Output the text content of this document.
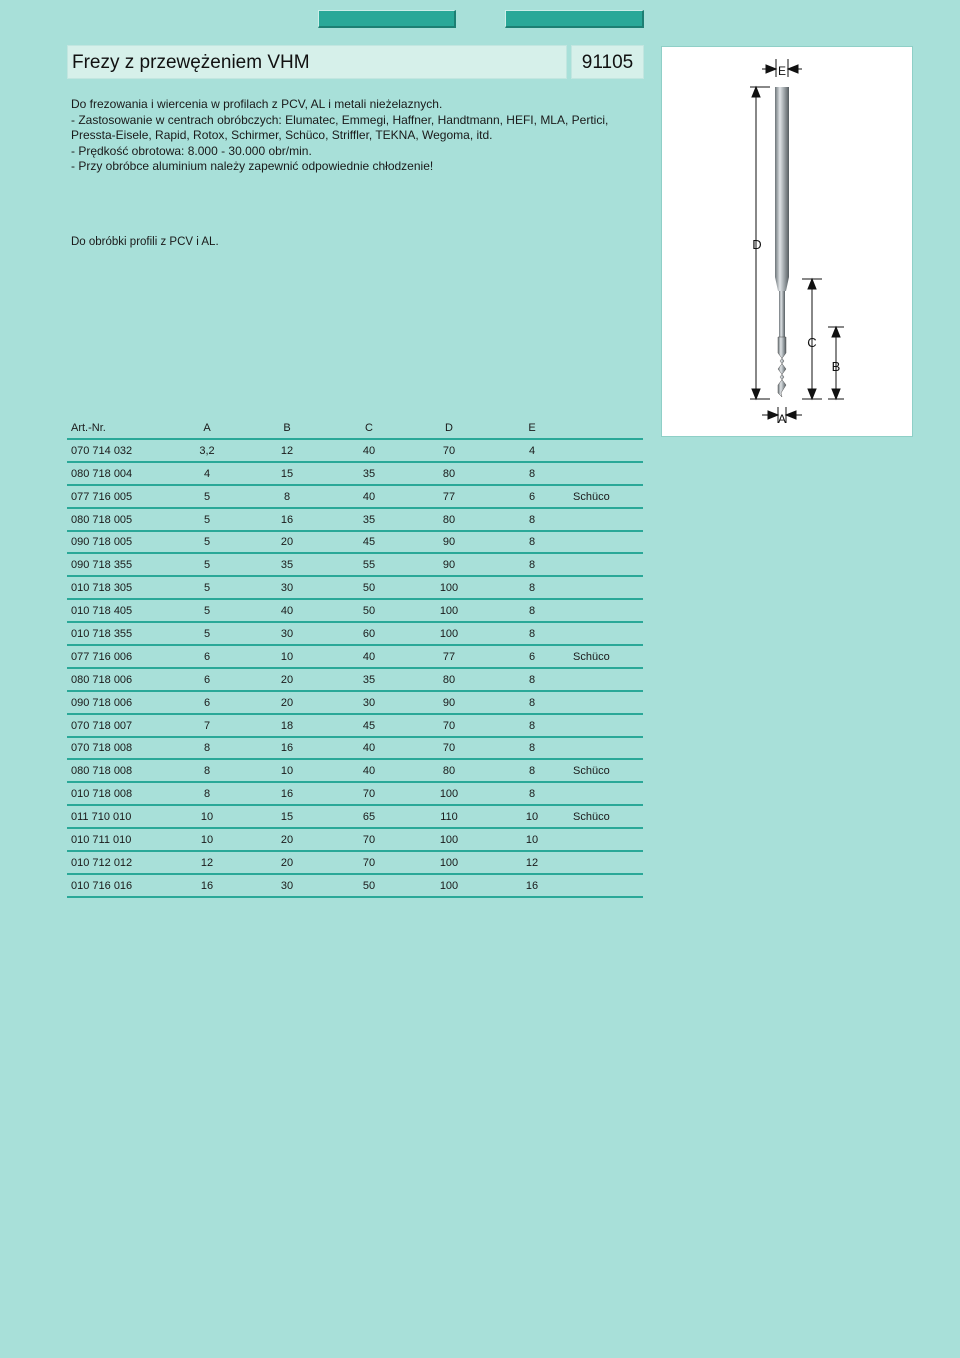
Frezy z przewężeniem VHM	91105
Do frezowania i wiercenia w profilach z PCV, AL i metali nieżelaznych.
- Zastosowanie w centrach obróbczych: Elumatec, Emmegi, Haffner, Handtmann, HEFI, MLA, Pertici,
Pressta-Eisele, Rapid, Rotox, Schirmer, Schüco, Striffler, TEKNA, Wegoma, itd.
- Prędkość obrotowa: 8.000 - 30.000 obr/min.
- Przy obróbce aluminium należy zapewnić odpowiednie chłodzenie!
Do obróbki profili z PCV i AL.
E
D
C
B
A
Art.-Nr.	A	B	C	D	E
070 714 032	3,2	12	40	70	4
080 718 004	4	15	35	80	8
077 716 005	5	8	40	77	6	Schüco
080 718 005	5	16	35	80	8
090 718 005	5	20	45	90	8
090 718 355	5	35	55	90	8
010 718 305	5	30	50	100	8
010 718 405	5	40	50	100	8
010 718 355	5	30	60	100	8
077 716 006	6	10	40	77	6	Schüco
080 718 006	6	20	35	80	8
090 718 006	6	20	30	90	8
070 718 007	7	18	45	70	8
070 718 008	8	16	40	70	8
080 718 008	8	10	40	80	8	Schüco
010 718 008	8	16	70	100	8
011 710 010	10	15	65	110	10	Schüco
010 711 010	10	20	70	100	10
010 712 012	12	20	70	100	12
010 716 016	16	30	50	100	16
